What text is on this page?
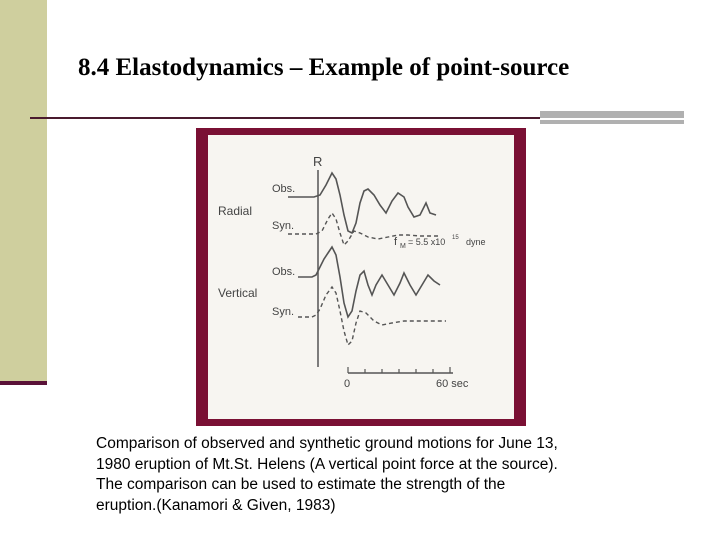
8.4 Elastodynamics – Example of point-source
R
Obs.
Radial
Syn.
f M = 5.5 x10 15 dyne
Obs.
Vertical
Syn.
0	60 sec
Comparison of observed and synthetic ground motions for June 13,
1980 eruption of Mt.St. Helens (A vertical point force at the source).
The comparison can be used to estimate the strength of the
eruption.(Kanamori & Given, 1983)
